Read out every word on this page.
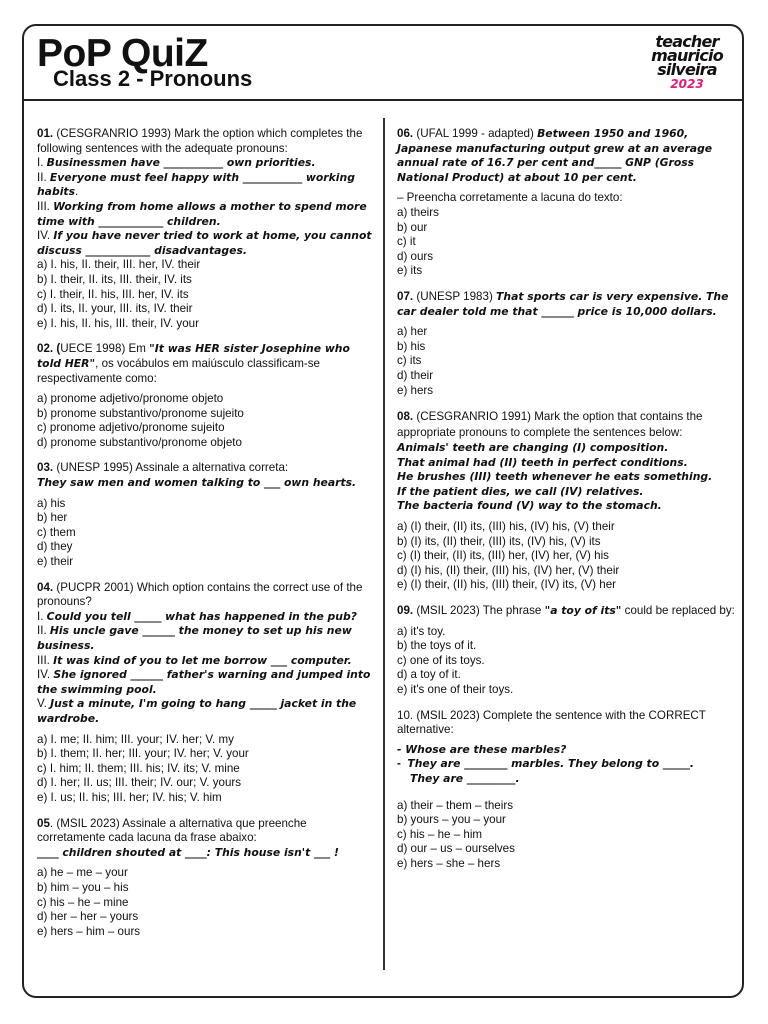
PoP QuiZ
Class 2 - Pronouns
teacher
mauricio
silveira
2023

01. (CESGRANRIO 1993) Mark the option which completes the following sentences with the adequate pronouns:

I. Businessmen have ___________ own priorities.

II. Everyone must feel happy with ___________ working habits.

III. Working from home allows a mother to spend more time with ____________ children.

IV. If you have never tried to work at home, you cannot discuss ____________ disadvantages.

a) I. his, II. their, III. her, IV. their
b) I. their, II. its, III. their, IV. its
c) I. their, II. his, III. her, IV. its
d) I. its, II. your, III. its, IV. their
e) I. his, II. his, III. their, IV. your

02. (UECE 1998) Em "It was HER sister Josephine who told HER", os vocábulos em maiúsculo classificam-se respectivamente como:

a) pronome adjetivo/pronome objeto
b) pronome substantivo/pronome sujeito
c) pronome adjetivo/pronome sujeito
d) pronome substantivo/pronome objeto

03. (UNESP 1995) Assinale a alternativa correta:

They saw men and women talking to ___ own hearts.

a) his
b) her
c) them
d) they
e) their

04. (PUCPR 2001) Which option contains the correct use of the pronouns?

I. Could you tell _____ what has happened in the pub?

II. His uncle gave ______ the money to set up his new business.

III. It was kind of you to let me borrow ___ computer.

IV. She ignored ______ father's warning and jumped into the swimming pool.

V. Just a minute, I'm going to hang _____ jacket in the wardrobe.

a) I. me; II. him; III. your; IV. her; V. my
b) I. them; II. her; III. your; IV. her; V. your
c) I. him; II. them; III. his; IV. its; V. mine
d) I. her; II. us; III. their; IV. our; V. yours
e) I. us; II. his; III. her; IV. his; V. him

05. (MSIL 2023) Assinale a alternativa que preenche corretamente cada lacuna da frase abaixo:

____ children shouted at ____: This house isn't ___ !

a) he – me – your
b) him – you – his
c) his – he – mine
d) her – her – yours
e) hers – him – ours

06. (UFAL 1999 - adapted) Between 1950 and 1960, Japanese manufacturing output grew at an average annual rate of 16.7 per cent and_____ GNP (Gross National Product) at about 10 per cent.

– Preencha corretamente a lacuna do texto:

a) theirs
b) our
c) it
d) ours
e) its

07. (UNESP 1983) That sports car is very expensive. The car dealer told me that ______ price is 10,000 dollars.

a) her
b) his
c) its
d) their
e) hers

08. (CESGRANRIO 1991) Mark the option that contains the appropriate pronouns to complete the sentences below:

Animals' teeth are changing (I) composition.

That animal had (II) teeth in perfect conditions.

He brushes (III) teeth whenever he eats something.

If the patient dies, we call (IV) relatives.

The bacteria found (V) way to the stomach.

a) (I) their, (II) its, (III) his, (IV) his, (V) their
b) (I) its, (II) their, (III) its, (IV) his, (V) its
c) (I) their, (II) its, (III) her, (IV) her, (V) his
d) (I) his, (II) their, (III) his, (IV) her, (V) their
e) (I) their, (II) his, (III) their, (IV) its, (V) her

09. (MSIL 2023) The phrase "a toy of its" could be replaced by:

a) it's toy.
b) the toys of it.
c) one of its toys.
d) a toy of it.
e) it's one of their toys.

10. (MSIL 2023) Complete the sentence with the CORRECT alternative:

- Whose are these marbles?

- They are ________ marbles. They belong to _____.

They are _________.

a) their – them – theirs
b) yours – you – your
c) his – he – him
d) our – us – ourselves
e) hers – she – hers
